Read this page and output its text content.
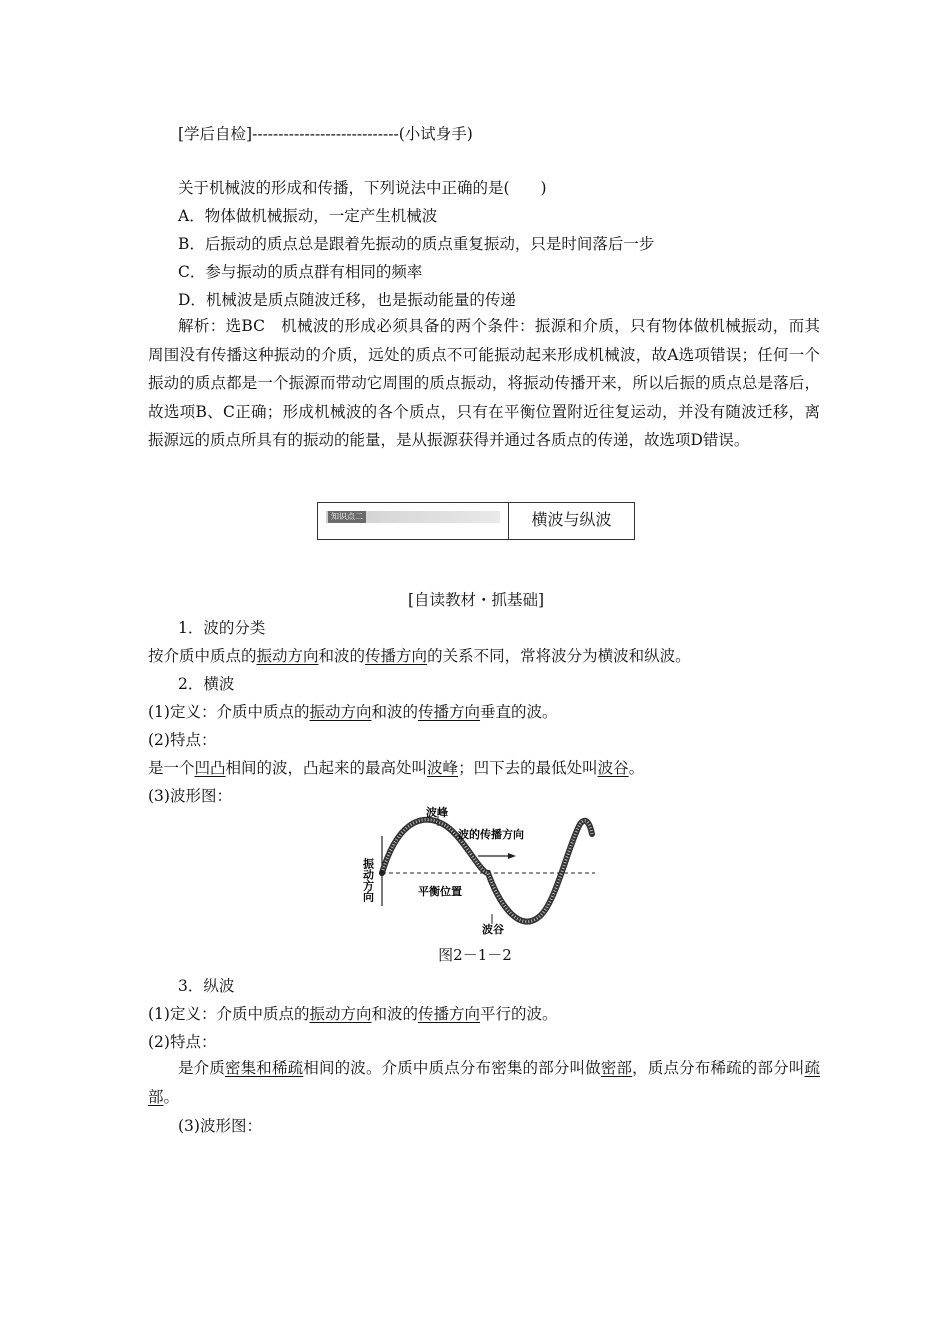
[学后自检]----------------------------(小试身手)
关于机械波的形成和传播，下列说法中正确的是(　　)
A．物体做机械振动，一定产生机械波
B．后振动的质点总是跟着先振动的质点重复振动，只是时间落后一步
C．参与振动的质点群有相同的频率
D．机械波是质点随波迁移，也是振动能量的传递
解析：选BC　机械波的形成必须具备的两个条件：振源和介质，只有物体做机械振动，而其周围没有传播这种振动的介质，远处的质点不可能振动起来形成机械波，故A选项错误；任何一个振动的质点都是一个振源而带动它周围的质点振动，将振动传播开来，所以后振的质点总是落后，故选项B、C正确；形成机械波的各个质点，只有在平衡位置附近往复运动，并没有随波迁移，离振源远的质点所具有的振动的能量，是从振源获得并通过各质点的传递，故选项D错误。
知识点二	横波与纵波
[自读教材・抓基础]
1．波的分类
按介质中质点的振动方向和波的传播方向的关系不同，常将波分为横波和纵波。
2．横波
(1)定义：介质中质点的振动方向和波的传播方向垂直的波。
(2)特点：
是一个凹凸相间的波，凸起来的最高处叫波峰；凹下去的最低处叫波谷。
(3)波形图：
波峰
波的传播方向
平衡位置
波谷
振动方向
图2－1－2
3．纵波
(1)定义：介质中质点的振动方向和波的传播方向平行的波。
(2)特点：
是介质密集和稀疏相间的波。介质中质点分布密集的部分叫做密部，质点分布稀疏的部分叫疏部。
(3)波形图：
